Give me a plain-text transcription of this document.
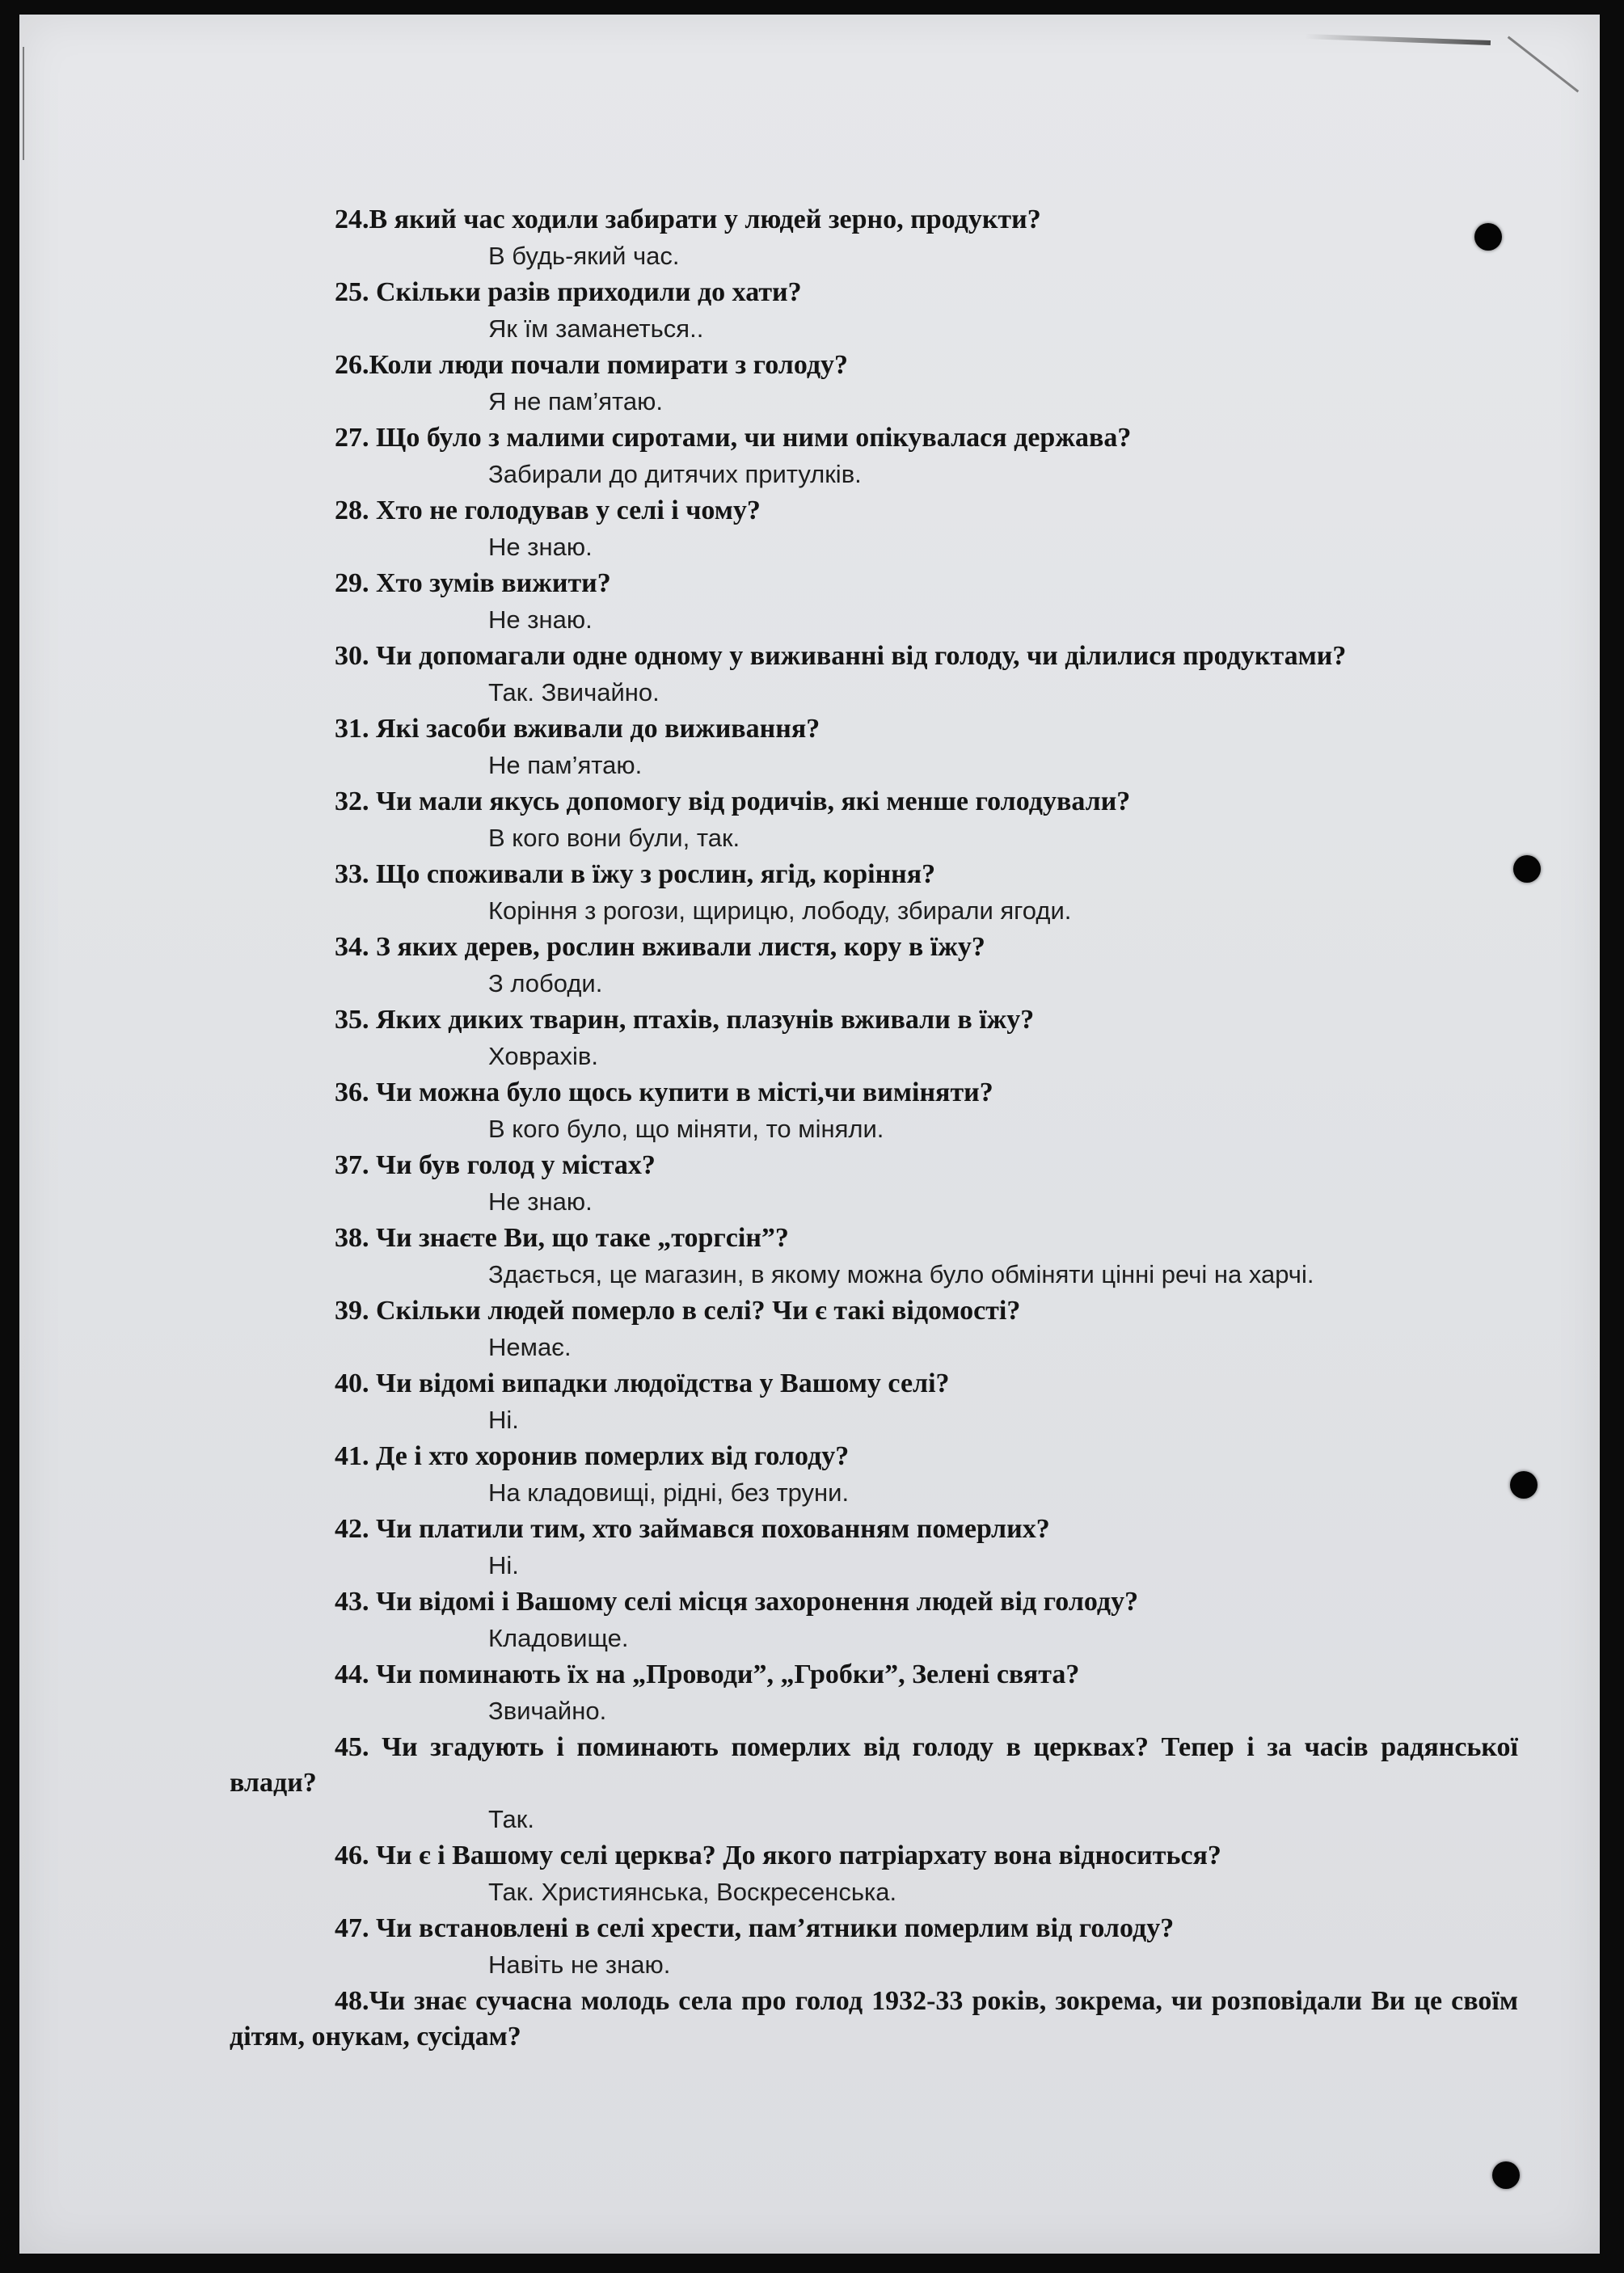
24.В який час ходили забирати у людей зерно, продукти?

В будь-який час.

25. Скільки разів приходили до хати?

Як їм заманеться..

26.Коли люди почали помирати з голоду?

Я не пам’ятаю.

27. Що було з малими сиротами, чи ними опікувалася держава?

Забирали до дитячих притулків.

28. Хто не голодував у селі і чому?

Не знаю.

29. Хто зумів вижити?

Не знаю.

30. Чи допомагали одне одному у виживанні від голоду, чи ділилися продуктами?

Так. Звичайно.

31. Які засоби вживали до виживання?

Не пам’ятаю.

32. Чи мали якусь допомогу від родичів, які менше голодували?

В кого вони були, так.

33. Що споживали в їжу з рослин, ягід, коріння?

Коріння з рогози, щирицю, лободу, збирали ягоди.

34. З яких дерев, рослин вживали листя, кору в їжу?

З лободи.

35. Яких диких тварин, птахів, плазунів вживали в їжу?

Ховрахів.

36. Чи можна було щось купити в місті,чи виміняти?

В кого було, що міняти, то міняли.

37. Чи був голод у містах?

Не знаю.

38. Чи знаєте Ви, що таке „торгсін”?

Здається, це магазин, в якому можна було обміняти цінні речі на харчі.

39. Скільки людей померло в селі? Чи є такі відомості?

Немає.

40. Чи відомі випадки людоїдства у Вашому селі?

Ні.

41. Де і хто хоронив померлих від голоду?

На кладовищі, рідні, без труни.

42. Чи платили тим, хто займався похованням померлих?

Ні.

43. Чи відомі і Вашому селі місця захоронення людей від голоду?

Кладовище.

44. Чи поминають їх на „Проводи”, „Гробки”, Зелені свята?

Звичайно.

45. Чи згадують і поминають померлих від голоду в церквах? Тепер і за часів радянської влади?

Так.

46. Чи є і Вашому селі церква? До якого патріархату вона відноситься?

Так. Християнська, Воскресенська.

47. Чи встановлені в селі хрести, пам’ятники померлим від голоду?

Навіть не знаю.

48.Чи знає сучасна молодь села про голод 1932-33 років, зокрема, чи розповідали Ви це своїм дітям, онукам, сусідам?
